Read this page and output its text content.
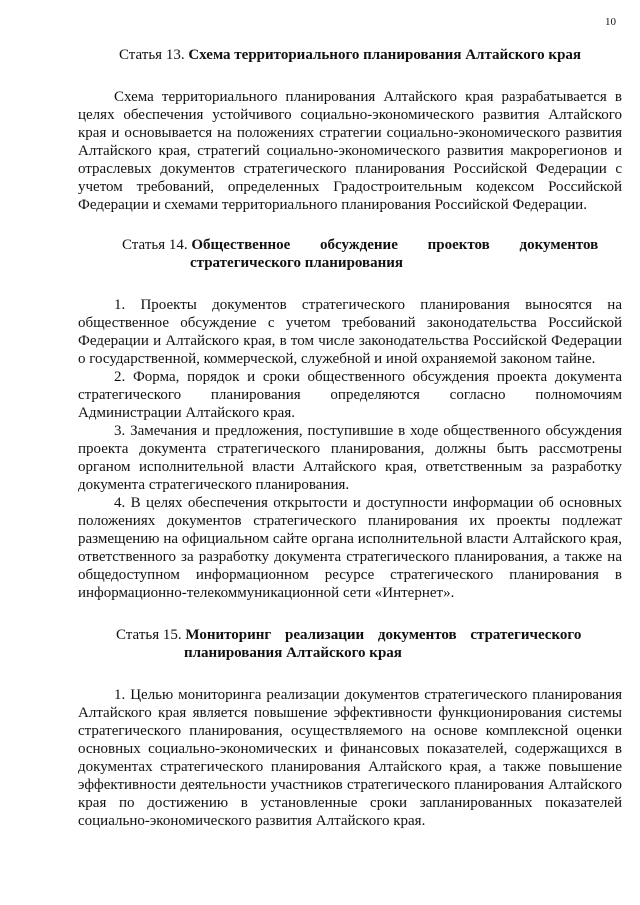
10
Статья 13. Схема территориального планирования Алтайского края

Схема территориального планирования Алтайского края разрабатывается в целях обеспечения устойчивого социально-экономического развития Алтайского края и основывается на положениях стратегии социально-экономического развития Алтайского края, стратегий социально-экономического развития макрорегионов и отраслевых документов стратегического планирования Российской Федерации с учетом требований, определенных Градостроительным кодексом Российской Федерации и схемами территориального планирования Российской Федерации.

Статья 14. Общественное обсуждение проектов документов
стратегического планирования

1. Проекты документов стратегического планирования выносятся на общественное обсуждение с учетом требований законодательства Российской Федерации и Алтайского края, в том числе законодательства Российской Федерации о государственной, коммерческой, служебной и иной охраняемой законом тайне.

2. Форма, порядок и сроки общественного обсуждения проекта документа стратегического планирования определяются согласно полномочиям Администрации Алтайского края.

3. Замечания и предложения, поступившие в ходе общественного обсуждения проекта документа стратегического планирования, должны быть рассмотрены органом исполнительной власти Алтайского края, ответственным за разработку документа стратегического планирования.

4. В целях обеспечения открытости и доступности информации об основных положениях документов стратегического планирования их проекты подлежат размещению на официальном сайте органа исполнительной власти Алтайского края, ответственного за разработку документа стратегического планирования, а также на общедоступном информационном ресурсе стратегического планирования в информационно-телекоммуникационной сети «Интернет».

Статья 15. Мониторинг реализации документов стратегического
планирования Алтайского края

1. Целью мониторинга реализации документов стратегического планирования Алтайского края является повышение эффективности функционирования системы стратегического планирования, осуществляемого на основе комплексной оценки основных социально-экономических и финансовых показателей, содержащихся в документах стратегического планирования Алтайского края, а также повышение эффективности деятельности участников стратегического планирования Алтайского края по достижению в установленные сроки запланированных показателей социально-экономического развития Алтайского края.
